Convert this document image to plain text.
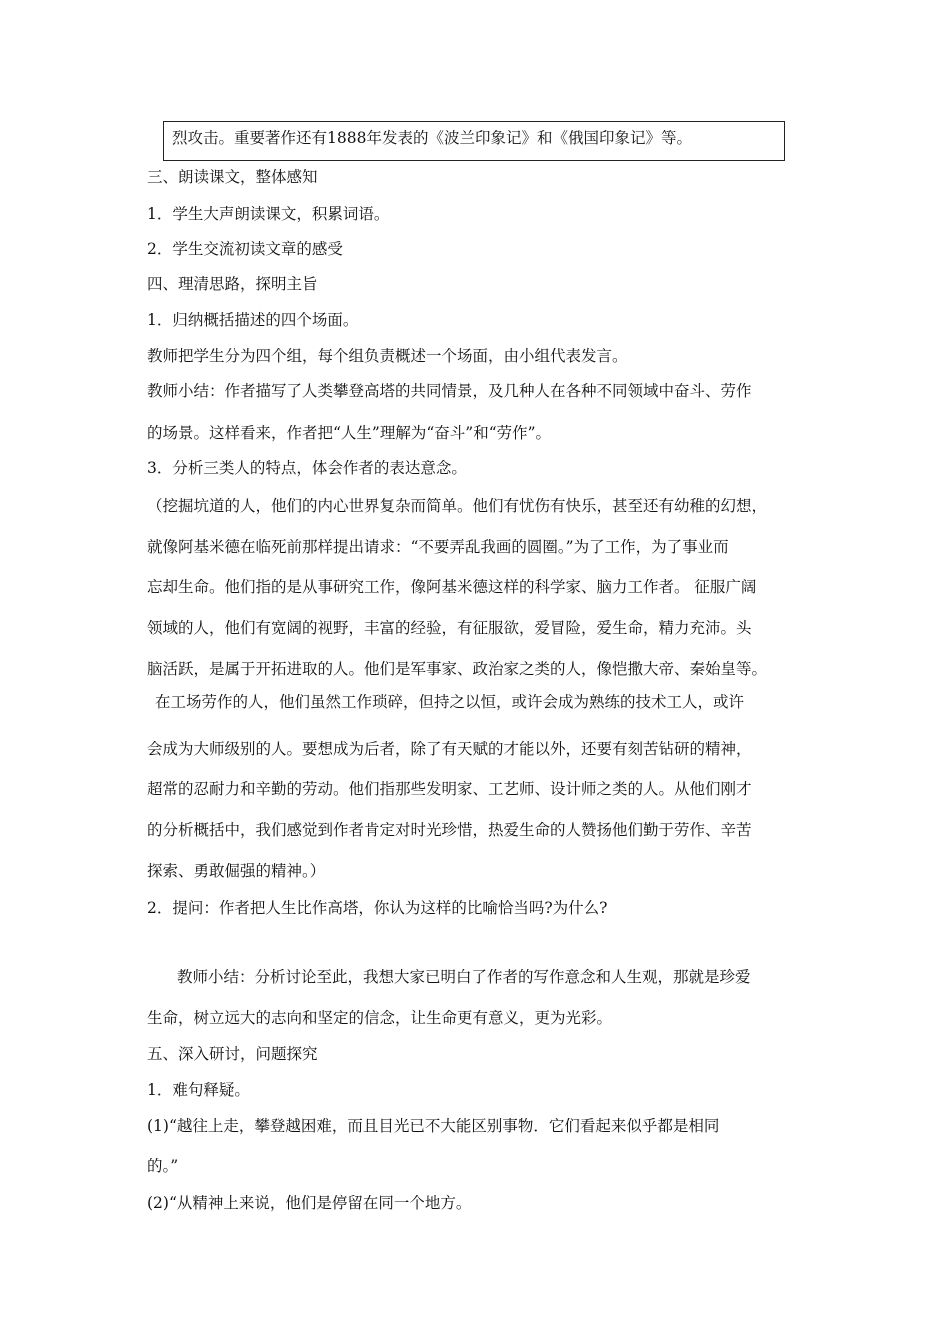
烈攻击。重要著作还有1888年发表的《波兰印象记》和《俄国印象记》等。
三、朗读课文，整体感知
1．学生大声朗读课文，积累词语。
2．学生交流初读文章的感受
四、理清思路，探明主旨
1．归纳概括描述的四个场面。
教师把学生分为四个组，每个组负责概述一个场面，由小组代表发言。
教师小结：作者描写了人类攀登高塔的共同情景，及几种人在各种不同领域中奋斗、劳作
的场景。这样看来，作者把“人生”理解为“奋斗”和“劳作”。
3．分析三类人的特点，体会作者的表达意念。
（挖掘坑道的人，他们的内心世界复杂而简单。他们有忧伤有快乐，甚至还有幼稚的幻想，
就像阿基米德在临死前那样提出请求：“不要弄乱我画的圆圈。”为了工作，为了事业而
忘却生命。他们指的是从事研究工作，像阿基米德这样的科学家、脑力工作者。 征服广阔
领域的人，他们有宽阔的视野，丰富的经验，有征服欲，爱冒险，爱生命，精力充沛。头
脑活跃，是属于开拓进取的人。他们是军事家、政治家之类的人，像恺撒大帝、秦始皇等。
在工场劳作的人，他们虽然工作琐碎，但持之以恒，或许会成为熟练的技术工人，或许
会成为大师级别的人。要想成为后者，除了有天赋的才能以外，还要有刻苦钻研的精神，
超常的忍耐力和辛勤的劳动。他们指那些发明家、工艺师、设计师之类的人。从他们刚才
的分析概括中，我们感觉到作者肯定对时光珍惜，热爱生命的人赞扬他们勤于劳作、辛苦
探索、勇敢倔强的精神。）
2．提问：作者把人生比作高塔，你认为这样的比喻恰当吗?为什么?
教师小结：分析讨论至此，我想大家已明白了作者的写作意念和人生观，那就是珍爱
生命，树立远大的志向和坚定的信念，让生命更有意义，更为光彩。
五、深入研讨，问题探究
1．难句释疑。
(1)“越往上走，攀登越困难，而且目光已不大能区别事物．它们看起来似乎都是相同
的。”
(2)“从精神上来说，他们是停留在同一个地方。
